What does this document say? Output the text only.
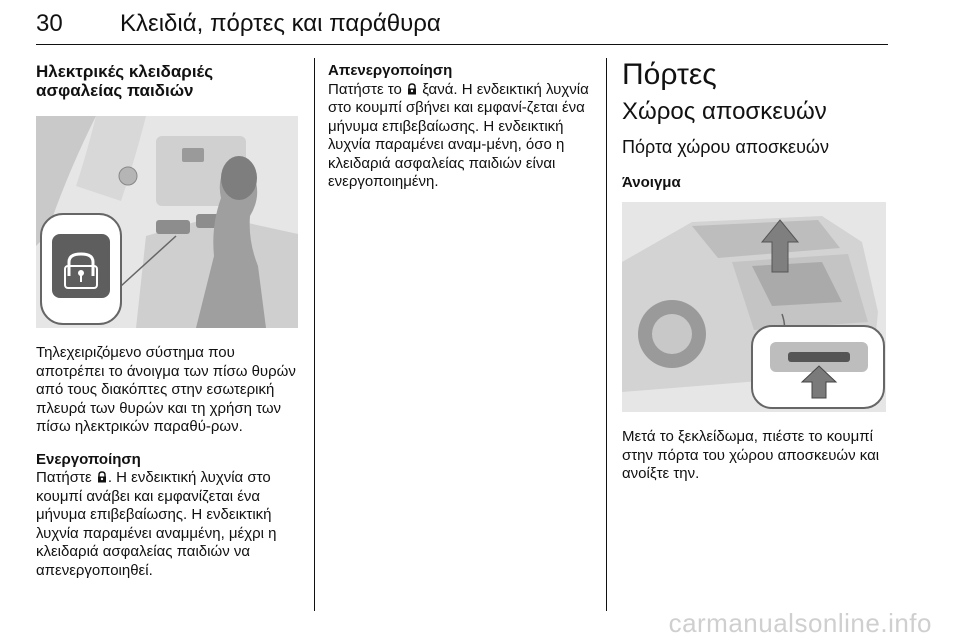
30 Κλειδιά, πόρτες και παράθυρα
Ηλεκτρικές κλειδαριές ασφαλείας παιδιών

Τηλεχειριζόμενο σύστημα που αποτρέπει το άνοιγμα των πίσω θυρών από τους διακόπτες στην εσωτερική πλευρά των θυρών και τη χρήση των πίσω ηλεκτρικών παραθύ-ρων.

Ενεργοποίηση

Πατήστε . Η ενδεικτική λυχνία στο κουμπί ανάβει και εμφανίζεται ένα μήνυμα επιβεβαίωσης. Η ενδεικτική λυχνία παραμένει αναμμένη, μέχρι η κλειδαριά ασφαλείας παιδιών να απενεργοποιηθεί.

Απενεργοποίηση

Πατήστε το ξανά. Η ενδεικτική λυχνία στο κουμπί σβήνει και εμφανί-ζεται ένα μήνυμα επιβεβαίωσης. Η ενδεικτική λυχνία παραμένει αναμ-μένη, όσο η κλειδαριά ασφαλείας παιδιών είναι ενεργοποιημένη.

Πόρτες
Χώρος αποσκευών
Πόρτα χώρου αποσκευών
Άνοιγμα

Μετά το ξεκλείδωμα, πιέστε το κουμπί στην πόρτα του χώρου αποσκευών και ανοίξτε την.

carmanualsonline.info
